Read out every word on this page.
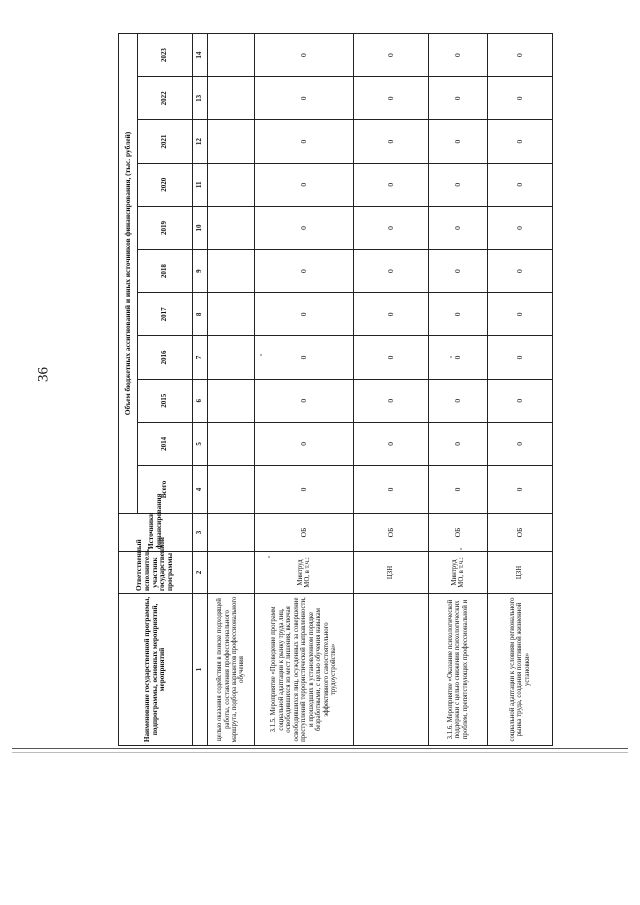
36
Наименование государственной программы, подпрограммы, основных мероприятий, мероприятий	Ответственный исполнитель, участник государственной программы	Источники финансирования	Объем бюджетных ассигнований и иных источников финансирования, (тыс. рублей)										
			Всего	2014	2015	2016	2017	2018	2019	2020	2021	2022	2023
1	2	3	4	5	6	7	8	9	10	11	12	13	14
целью оказания содействия в поиске подходящей работы, составления профессионального маршрута, подбора вариантов профессионального обучения													
3.1.5. Мероприятие «Проведение программ социальной адаптации к рынку труда лиц, освободившихся из мест лишения, включая освободившихся лиц, осужденных за совершение преступлений террористической направленности, и прошедших в установленном порядке безработными, с целью обучения навыкам эффективного самостоятельного трудоустройства»	Минтруд МО, в т.ч.:	ОБ	0	0	0	0	0	0	0	0	0	0	0
	ЦЗН	ОБ	0	0	0	0	0	0	0	0	0	0	0
3.1.6. Мероприятие «Оказание психологической поддержки с целью снижения психологических проблем, препятствующих профессиональной и	Минтруд МО, в т.ч.:	ОБ	0	0	0	0	0	0	0	0	0	0	0
социальной адаптации к условиям регионального рынка труда, создания позитивной жизненной установки»	ЦЗН	ОБ	0	0	0	0	0	0	0	0	0	0	0
